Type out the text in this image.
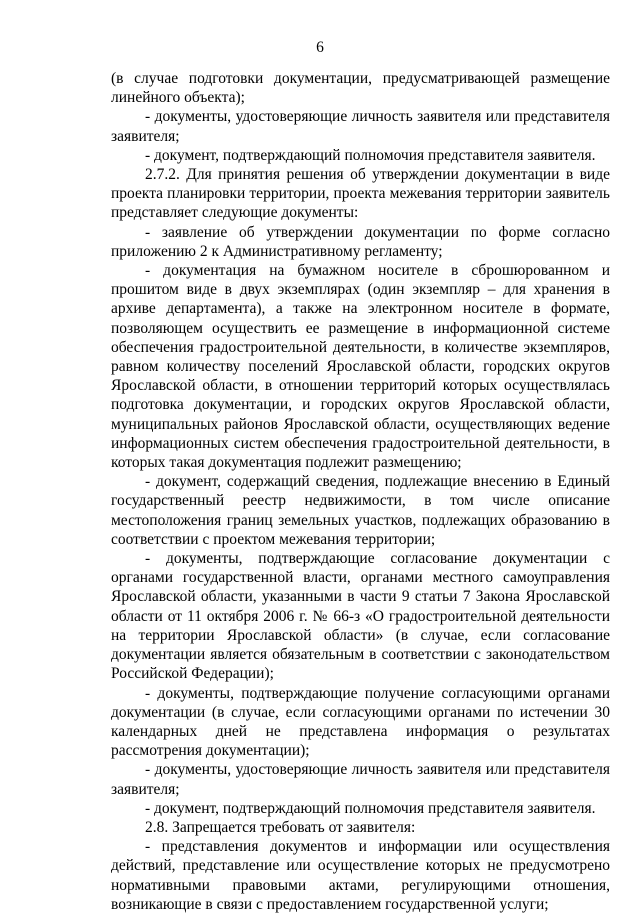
6

(в случае подготовки документации, предусматривающей размещение линейного объекта);

- документы, удостоверяющие личность заявителя или представителя заявителя;

- документ, подтверждающий полномочия представителя заявителя.

2.7.2. Для принятия решения об утверждении документации в виде проекта планировки территории, проекта межевания территории заявитель представляет следующие документы:

- заявление об утверждении документации по форме согласно приложению 2 к Административному регламенту;

- документация на бумажном носителе в сброшюрованном и прошитом виде в двух экземплярах (один экземпляр – для хранения в архиве департамента), а также на электронном носителе в формате, позволяющем осуществить ее размещение в информационной системе обеспечения градостроительной деятельности, в количестве экземпляров, равном количеству поселений Ярославской области, городских округов Ярославской области, в отношении территорий которых осуществлялась подготовка документации, и городских округов Ярославской области, муниципальных районов Ярославской области, осуществляющих ведение информационных систем обеспечения градостроительной деятельности, в которых такая документация подлежит размещению;

- документ, содержащий сведения, подлежащие внесению в Единый государственный реестр недвижимости, в том числе описание местоположения границ земельных участков, подлежащих образованию в соответствии с проектом межевания территории;

- документы, подтверждающие согласование документации с органами государственной власти, органами местного самоуправления Ярославской области, указанными в части 9 статьи 7 Закона Ярославской области от 11 октября 2006 г. № 66-з «О градостроительной деятельности на территории Ярославской области» (в случае, если согласование документации является обязательным в соответствии с законодательством Российской Федерации);

- документы, подтверждающие получение согласующими органами документации (в случае, если согласующими органами по истечении 30 календарных дней не представлена информация о результатах рассмотрения документации);

- документы, удостоверяющие личность заявителя или представителя заявителя;

- документ, подтверждающий полномочия представителя заявителя.

2.8. Запрещается требовать от заявителя:

- представления документов и информации или осуществления действий, представление или осуществление которых не предусмотрено нормативными правовыми актами, регулирующими отношения, возникающие в связи с предоставлением государственной услуги;
